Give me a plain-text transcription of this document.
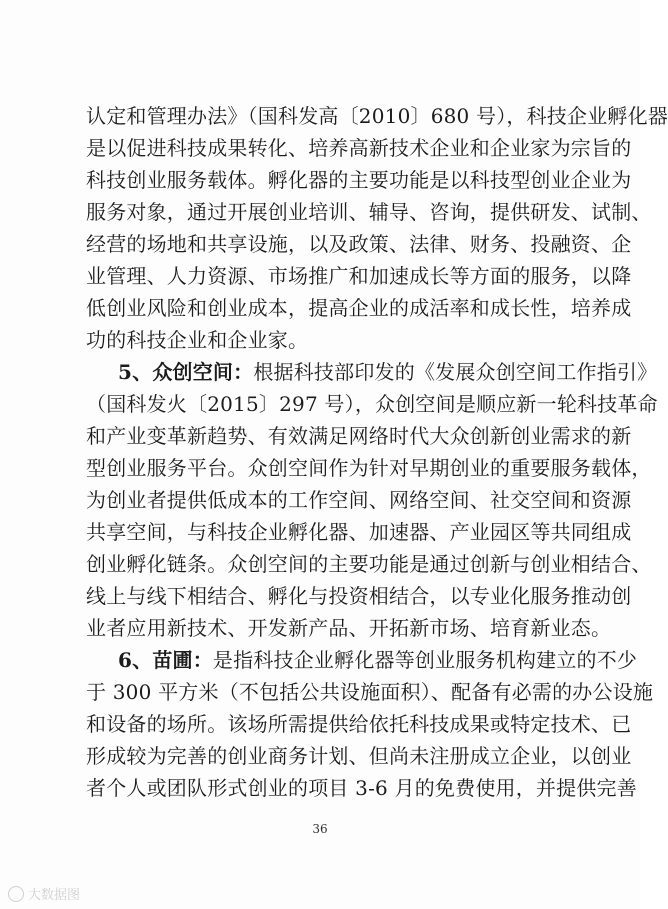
认定和管理办法》（国科发高〔2010〕680 号），科技企业孵化器
是以促进科技成果转化、培养高新技术企业和企业家为宗旨的
科技创业服务载体。孵化器的主要功能是以科技型创业企业为
服务对象，通过开展创业培训、辅导、咨询，提供研发、试制、
经营的场地和共享设施，以及政策、法律、财务、投融资、企
业管理、人力资源、市场推广和加速成长等方面的服务，以降
低创业风险和创业成本，提高企业的成活率和成长性，培养成
功的科技企业和企业家。
5、众创空间：根据科技部印发的《发展众创空间工作指引》
（国科发火〔2015〕297 号），众创空间是顺应新一轮科技革命
和产业变革新趋势、有效满足网络时代大众创新创业需求的新
型创业服务平台。众创空间作为针对早期创业的重要服务载体，
为创业者提供低成本的工作空间、网络空间、社交空间和资源
共享空间，与科技企业孵化器、加速器、产业园区等共同组成
创业孵化链条。众创空间的主要功能是通过创新与创业相结合、
线上与线下相结合、孵化与投资相结合，以专业化服务推动创
业者应用新技术、开发新产品、开拓新市场、培育新业态。
6、苗圃：是指科技企业孵化器等创业服务机构建立的不少
于 300 平方米（不包括公共设施面积）、配备有必需的办公设施
和设备的场所。该场所需提供给依托科技成果或特定技术、已
形成较为完善的创业商务计划、但尚未注册成立企业，以创业
者个人或团队形式创业的项目 3-6 月的免费使用，并提供完善
36
大数据图
